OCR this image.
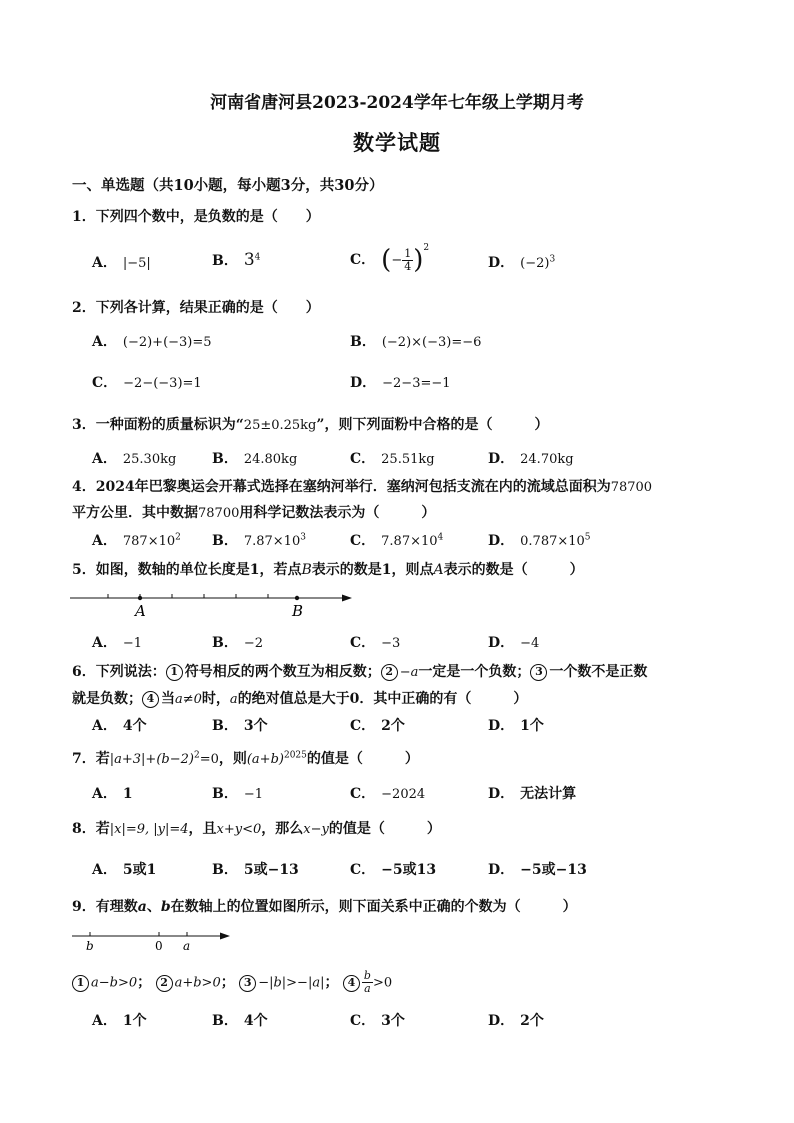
河南省唐河县2023-2024学年七年级上学期月考
数学试题
一、单选题（共10小题，每小题3分，共30分）
1．下列四个数中，是负数的是（　　）
A． |−5|	B． $3^4$	C． (− $\frac{1}{4} )^2$
D． $(-2)^3$
2．下列各计算，结果正确的是（　　）
A． (−2)+(−3)=5	B． (−2)×(−3)=−6
C． −2−(−3)=1	D． −2−3=−1
3．一种面粉的质量标识为“25±0.25kg”，则下列面粉中合格的是（　　　）
A． 25.30kg	B． 24.80kg	C． 25.51kg	D． 24.70kg
4．2024年巴黎奥运会开幕式选择在塞纳河举行．塞纳河包括支流在内的流域总面积为78700
平方公里．其中数据78700用科学记数法表示为（　　　）
A． $787\times 10^2$ B． $7.87\times 10^3$	C． $7.87\times 10^4$	D． $0.787\times 10^5$
5．如图，数轴的单位长度是1，若点B表示的数是1，则点A表示的数是（　　　）
A	B
A． −1	B． −2	C． −3	D． −4
6．下列说法： 1 符号相反的两个数互为相反数； 2 −a一定是一个负数； 3 一个数不是正数
就是负数； 4 当a≠0时，a的绝对值总是大于0．其中正确的有（　　　）
A． 4个	B． 3个	C． 2个	D． 1个
7．若$|a+3|+(b-2)^2=0$，则$(a+b)^{2025}$的值是（　　　）
A． 1	B． −1	C． −2024	D． 无法计算
8．若|x|=9, |y|=4，且x+y<0，那么x−y的值是（　　　）
A． 5或1	B． 5或−13	C． −5或13	D． −5或−13
9．有理数a、b在数轴上的位置如图所示，则下面关系中正确的个数为（　　　）
b	0 a
1 a−b>0； 2 a+b>0； 3 −|b|>−|a|； $4 \frac{b}{a} >0$
A． 1个	B． 4个	C． 3个	D． 2个
